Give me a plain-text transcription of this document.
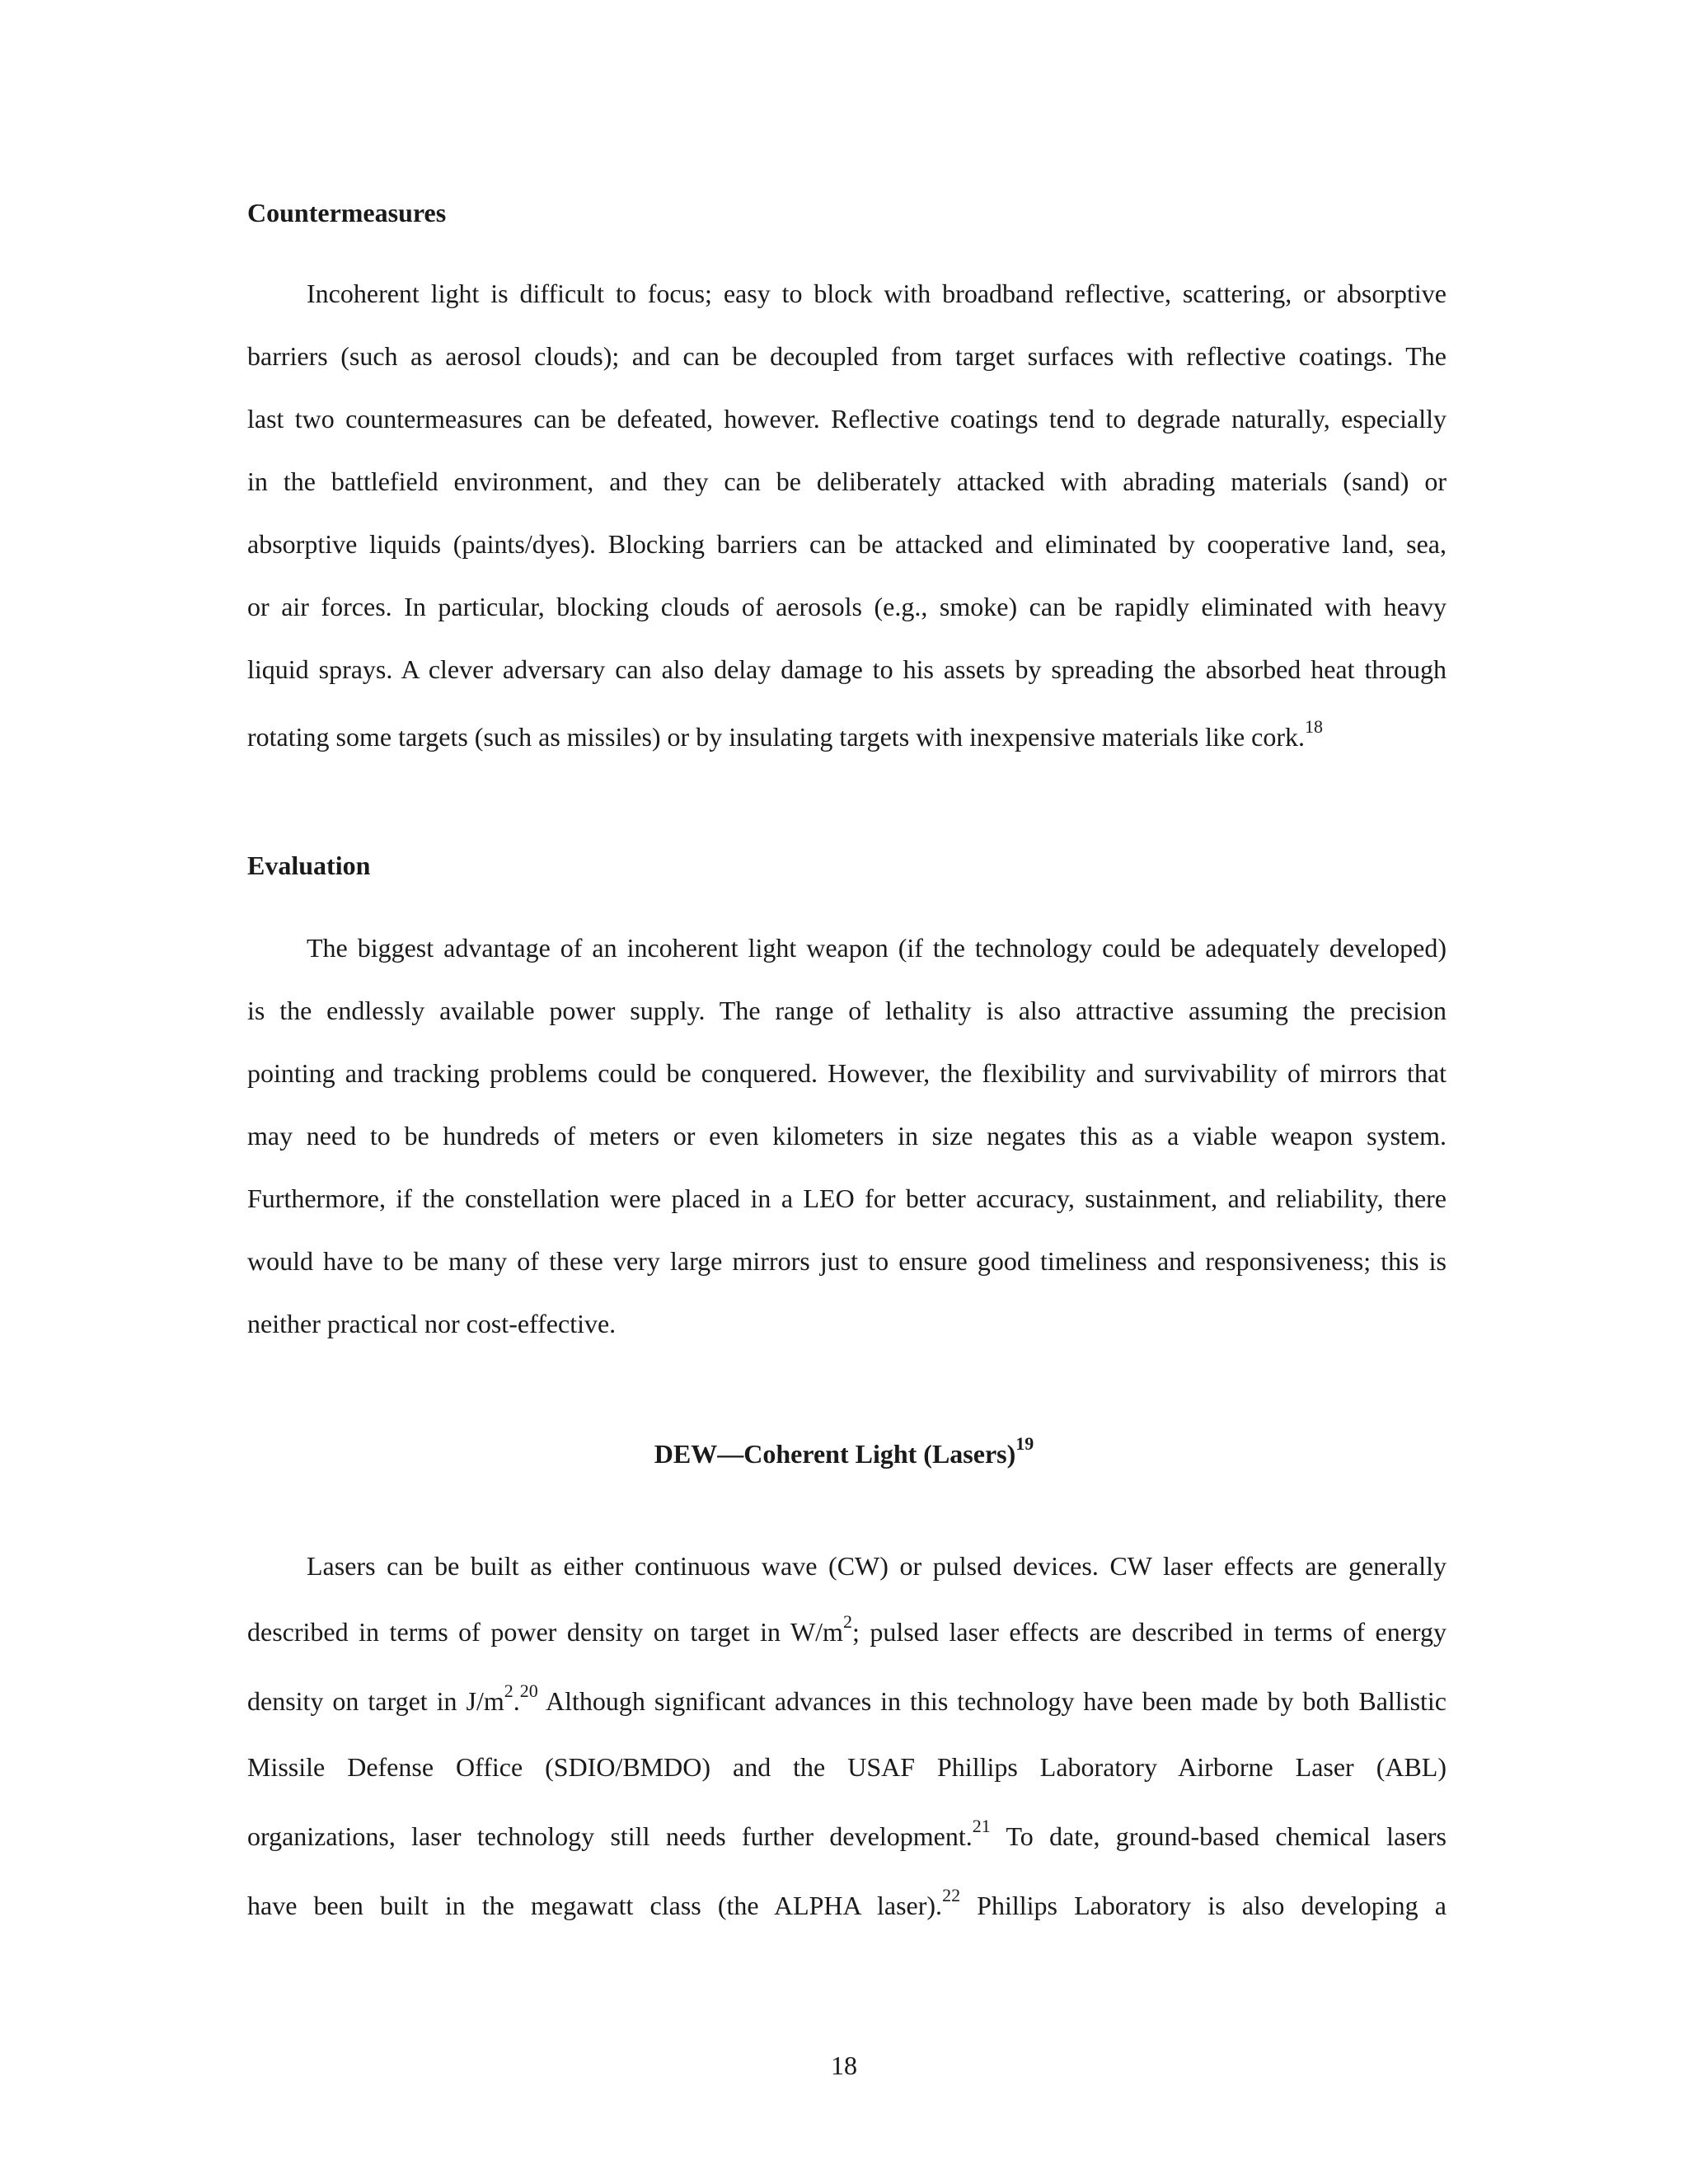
Countermeasures
Incoherent light is difficult to focus; easy to block with broadband reflective, scattering, or absorptive
barriers (such as aerosol clouds); and can be decoupled from target surfaces with reflective coatings. The
last two countermeasures can be defeated, however. Reflective coatings tend to degrade naturally, especially
in the battlefield environment, and they can be deliberately attacked with abrading materials (sand) or
absorptive liquids (paints/dyes). Blocking barriers can be attacked and eliminated by cooperative land, sea,
or air forces. In particular, blocking clouds of aerosols (e.g., smoke) can be rapidly eliminated with heavy
liquid sprays. A clever adversary can also delay damage to his assets by spreading the absorbed heat through
rotating some targets (such as missiles) or by insulating targets with inexpensive materials like cork.$^{18}$
Evaluation
The biggest advantage of an incoherent light weapon (if the technology could be adequately developed)
is the endlessly available power supply. The range of lethality is also attractive assuming the precision
pointing and tracking problems could be conquered. However, the flexibility and survivability of mirrors that
may need to be hundreds of meters or even kilometers in size negates this as a viable weapon system.
Furthermore, if the constellation were placed in a LEO for better accuracy, sustainment, and reliability, there
would have to be many of these very large mirrors just to ensure good timeliness and responsiveness; this is
neither practical nor cost-effective.
DEW—Coherent Light (Lasers)$^{19}$
Lasers can be built as either continuous wave (CW) or pulsed devices. CW laser effects are generally
described in terms of power density on target in $W/m^2$; pulsed laser effects are described in terms of energy
density on target in $J/m^2.^{20}$ Although significant advances in this technology have been made by both Ballistic
Missile Defense Office (SDIO/BMDO) and the USAF Phillips Laboratory Airborne Laser (ABL)
organizations, laser technology still needs further development.$^{21}$ To date, ground-based chemical lasers
have been built in the megawatt class (the ALPHA laser).$^{22}$ Phillips Laboratory is also developing a
18
